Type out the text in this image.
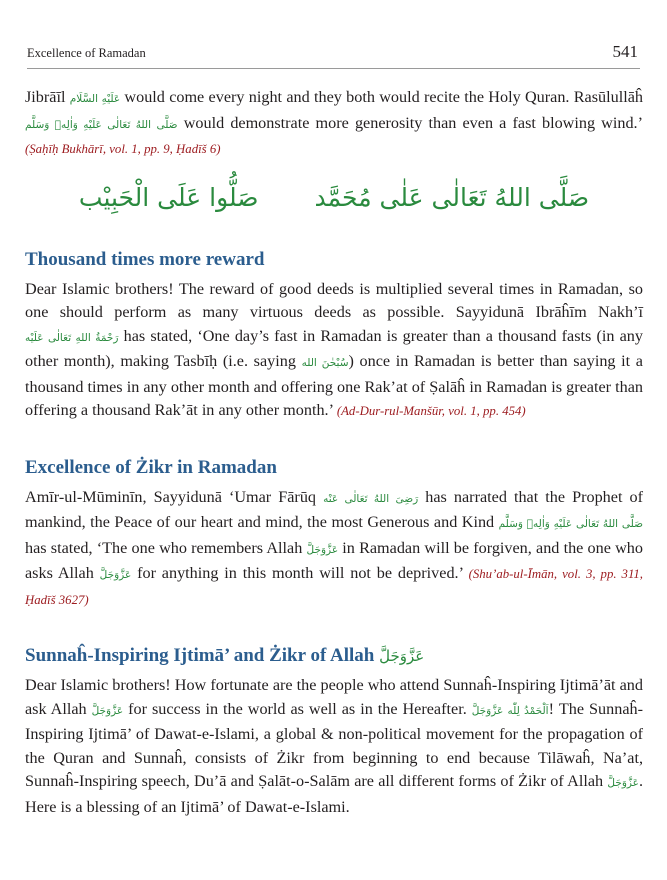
Excellence of Ramadan	541

Jibrāīl عَلَيْهِ السَّلَام would come every night and they both would recite the Holy Quran. Rasūlullāĥ صَلَّى اللهُ تَعَالٰى عَلَيْهِ وَاٰلِهٖ وَسَلَّم would demonstrate more generosity than even a fast blowing wind.’ (Ṣaḥīḥ Bukhārī, vol. 1, pp. 9, Ḥadīš 6)

صَلُّوا عَلَى الْحَبِيْب صَلَّى اللهُ تَعَالٰى عَلٰى مُحَمَّد
Thousand times more reward

Dear Islamic brothers! The reward of good deeds is multiplied several times in Ramadan, so one should perform as many virtuous deeds as possible. Sayyidunā Ibrāĥīm Nakh’ī رَحْمَةُ اللهِ تَعَالٰى عَلَيْه has stated, ‘One day’s fast in Ramadan is greater than a thousand fasts (in any other month), making Tasbīḥ (i.e. saying سُبْحٰنَ الله) once in Ramadan is better than saying it a thousand times in any other month and offering one Rak’at of Ṣalāĥ in Ramadan is greater than offering a thousand Rak’āt in any other month.’ (Ad-Dur-rul-Manšūr, vol. 1, pp. 454)

Excellence of Żikr in Ramadan

Amīr-ul-Mūminīn, Sayyidunā ‘Umar Fārūq رَضِىَ اللهُ تَعَالٰى عَنْه has narrated that the Prophet of mankind, the Peace of our heart and mind, the most Generous and Kind صَلَّى اللهُ تَعَالٰى عَلَيْهِ وَاٰلِهٖ وَسَلَّم has stated, ‘The one who remembers Allah عَزَّوَجَلَّ in Ramadan will be forgiven, and the one who asks Allah عَزَّوَجَلَّ for anything in this month will not be deprived.’ (Shu’ab-ul-Īmān, vol. 3, pp. 311, Ḥadīš 3627)

Sunnaĥ-Inspiring Ijtimā’ and Żikr of Allah عَزَّوَجَلَّ

Dear Islamic brothers! How fortunate are the people who attend Sunnaĥ-Inspiring Ijtimā’āt and ask Allah عَزَّوَجَلَّ for success in the world as well as in the Hereafter. اَلْحَمْدُ لِلّٰه عَزَّوَجَلَّ! The Sunnaĥ-Inspiring Ijtimā’ of Dawat-e-Islami, a global & non-political movement for the propagation of the Quran and Sunnaĥ, consists of Żikr from beginning to end because Tilāwaĥ, Na’at, Sunnaĥ-Inspiring speech, Du’ā and Ṣalāt-o-Salām are all different forms of Żikr of Allah عَزَّوَجَلَّ. Here is a blessing of an Ijtimā’ of Dawat-e-Islami.
